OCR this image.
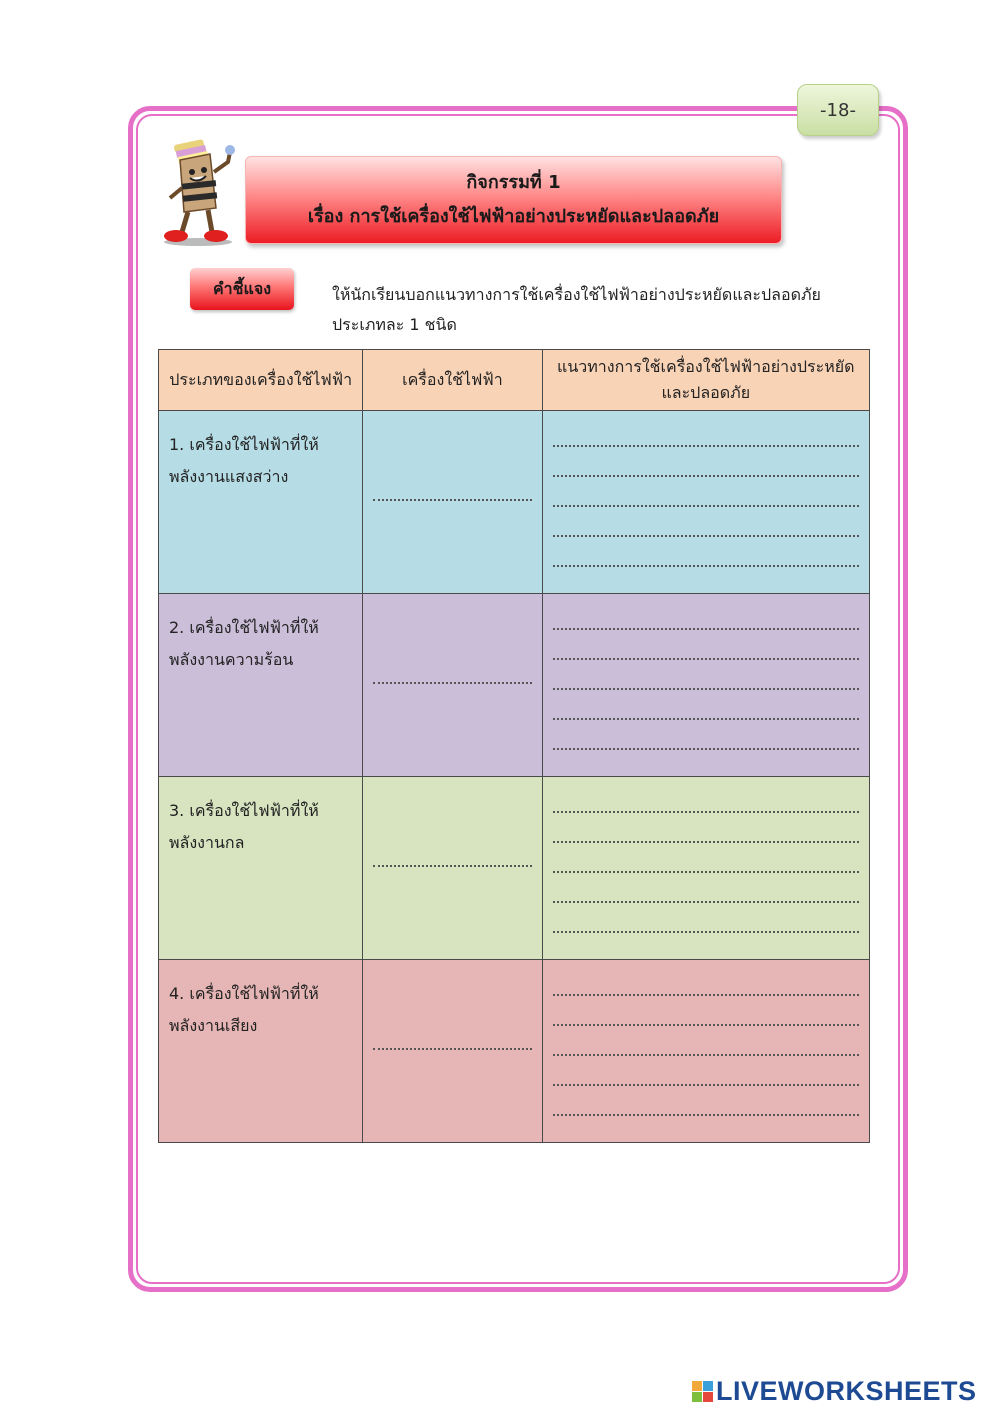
-18-
กิจกรรมที่ 1
เรื่อง การใช้เครื่องใช้ไฟฟ้าอย่างประหยัดและปลอดภัย
คำชี้แจง	ให้นักเรียนบอกแนวทางการใช้เครื่องใช้ไฟฟ้าอย่างประหยัดและปลอดภัย ประเภทละ 1 ชนิด
ประเภทของเครื่องใช้ไฟฟ้า	เครื่องใช้ไฟฟ้า	แนวทางการใช้เครื่องใช้ไฟฟ้าอย่างประหยัดและปลอดภัย

1. เครื่องใช้ไฟฟ้าที่ให้
พลังงานแสงสว่าง		

2. เครื่องใช้ไฟฟ้าที่ให้
พลังงานความร้อน		

3. เครื่องใช้ไฟฟ้าที่ให้
พลังงานกล		

4. เครื่องใช้ไฟฟ้าที่ให้
พลังงานเสียง		

LIVEWORKSHEETS
